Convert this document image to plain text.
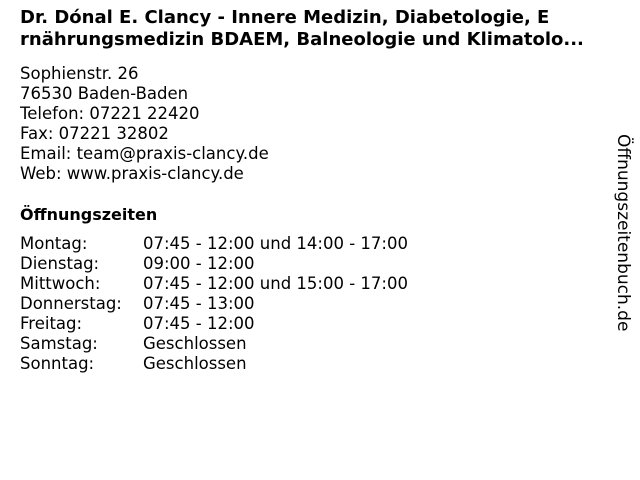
Dr. Dónal E. Clancy - Innere Medizin, Diabetologie, E
rnährungsmedizin BDAEM, Balneologie und Klimatolo...
Sophienstr. 26
76530 Baden-Baden
Telefon: 07221 22420
Fax: 07221 32802
Email: team@praxis-clancy.de
Web: www.praxis-clancy.de
Öffnungszeiten
Montag:	07:45 - 12:00 und 14:00 - 17:00
Dienstag:	09:00 - 12:00
Mittwoch:	07:45 - 12:00 und 15:00 - 17:00
Donnerstag: 07:45 - 13:00
Freitag:	07:45 - 12:00
Samstag:	Geschlossen
Sonntag:	Geschlossen
Öffnungszeitenbuch.de
